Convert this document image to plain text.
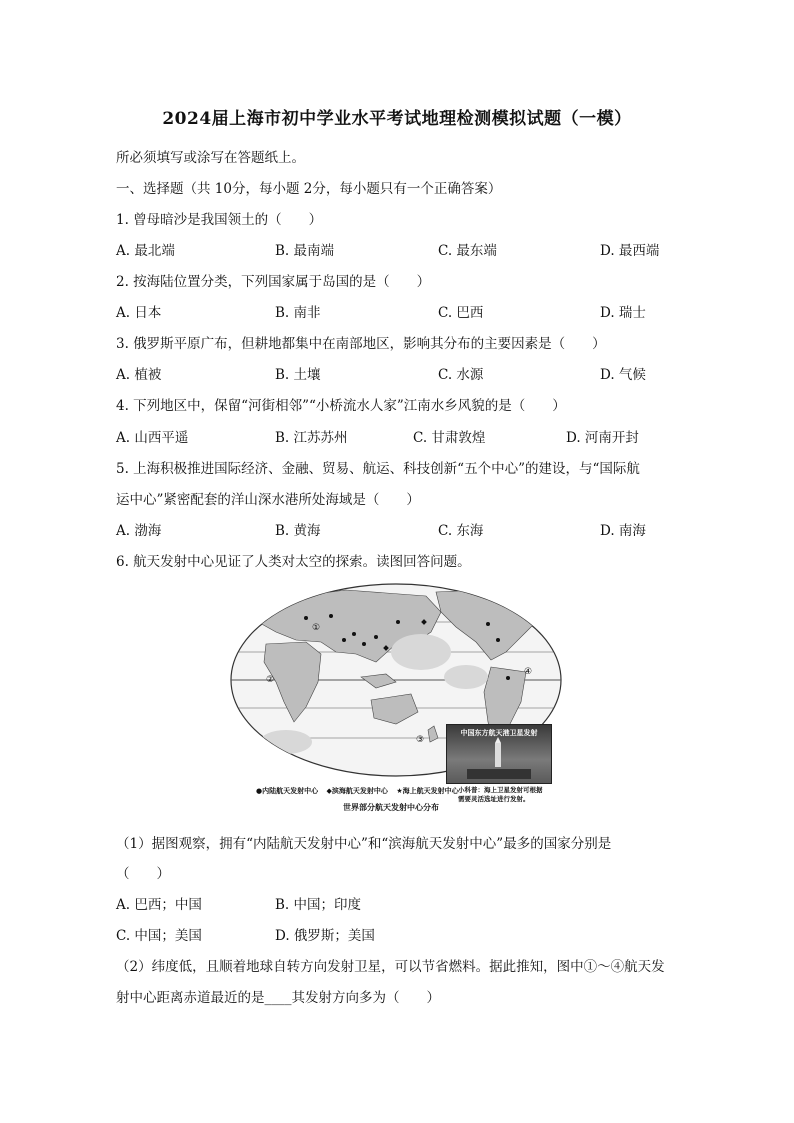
2024届上海市初中学业水平考试地理检测模拟试题（一模）
所必须填写或涂写在答题纸上。
一、选择题（共 10分，每小题 2分，每小题只有一个正确答案）
1. 曾母暗沙是我国领土的（　　）
A. 最北端	B. 最南端	C. 最东端	D. 最西端
2. 按海陆位置分类，下列国家属于岛国的是（　　）
A. 日本	B. 南非	C. 巴西	D. 瑞士
3. 俄罗斯平原广布，但耕地都集中在南部地区，影响其分布的主要因素是（　　）
A. 植被	B. 土壤	C. 水源	D. 气候
4. 下列地区中，保留“河街相邻”“小桥流水人家”江南水乡风貌的是（　　）
A. 山西平遥	B. 江苏苏州	C. 甘肃敦煌	D. 河南开封
5. 上海积极推进国际经济、金融、贸易、航运、科技创新“五个中心”的建设，与“国际航
运中心”紧密配套的洋山深水港所处海域是（　　）
A. 渤海	B. 黄海	C. 东海	D. 南海
6. 航天发射中心见证了人类对太空的探索。读图回答问题。
①
④
③
②
中国东方航天港卫星发射
●内陆航天发射中心 ◆滨海航天发射中心 ★海上航天发射中心 小科普：海上卫星发射可根据
需要灵活选址进行发射。
世界部分航天发射中心分布
（1）据图观察，拥有“内陆航天发射中心”和“滨海航天发射中心”最多的国家分别是
（　　）
A. 巴西；中国	B. 中国；印度
C. 中国；美国	D. 俄罗斯；美国
（2）纬度低，且顺着地球自转方向发射卫星，可以节省燃料。据此推知，图中①～④航天发
射中心距离赤道最近的是____其发射方向多为（　　）
